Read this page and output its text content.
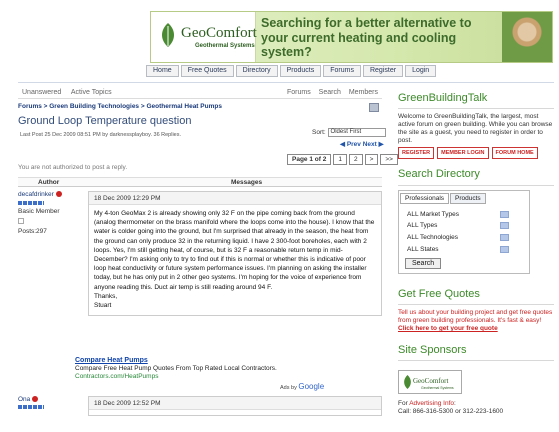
GeoComfort
Geothermal Systems
Searching for a better alternative to your current heating and cooling system?
Home	Free Quotes	Directory	Products	Forums	Register	Login
Unanswered Active Topics	Forums Search Members
Forums > Green Building Technologies > Geothermal Heat Pumps
Ground Loop Temperature question
Last Post 25 Dec 2009 08:51 PM by darknessplayboy. 36 Replies.	Sort: Oldest First
◀ Prev Next ▶
You are not authorized to post a reply.
Page 1 of 2	1	2	>	>>
Author	Messages
decafdrinker
Basic Member
Posts:297
18 Dec 2009 12:29 PM
My 4-ton GeoMax 2 is already showing only 32 F on the pipe coming back from the ground (analog thermometer on the brass manifold where the loops come into the house). I know that the water is colder going into the ground, but I'm surprised that already in the season, the heat from the ground can only produce 32 in the returning liquid. I have 2 300-foot boreholes, each with 2 loops. Yes, I'm still getting heat, of course, but is 32 F a reasonable return temp in mid-December? I'm asking only to try to find out if this is normal or whether this is indicative of poor loop heat conductivity or future system performance issues. I'm planning on asking the installer today, but he has only put in 2 other geo systems. I'm hoping for the voice of experience from anyone reading this. Duct air temp is still reading around 94 F.
Thanks,
Stuart
Compare Heat Pumps
Compare Free Heat Pump Quotes From Top Rated Local Contractors.
Contractors.com/HeatPumps
Ads by Google
Ona
18 Dec 2009 12:52 PM
GreenBuildingTalk
Welcome to GreenBuildingTalk, the largest, most active forum on green building. While you can browse the site as a guest, you need to register in order to post.
REGISTER	MEMBER LOGIN	FORUM HOME
Search Directory
Professionals	Products
ALL Market Types
ALL Types
ALL Technologies
ALL States
Search
Get Free Quotes
Tell us about your building project and get free quotes from green building professionals. It's fast & easy! Click here to get your free quote
Site Sponsors
GeoComfort
Geothermal Systems
For Advertising Info:
Call: 866-316-5300 or 312-223-1600
